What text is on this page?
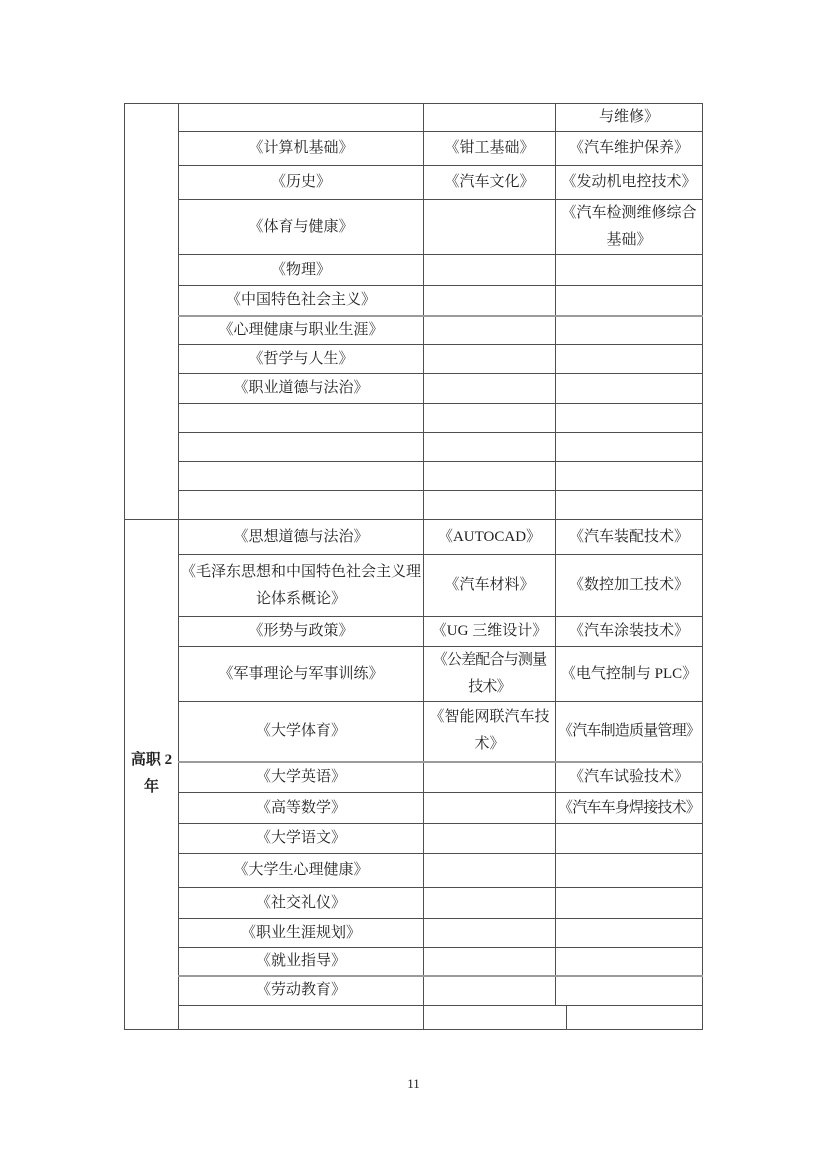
			与维修》
	《计算机基础》	《钳工基础》	《汽车维护保养》
	《历史》	《汽车文化》	《发动机电控技术》
	《体育与健康》		《汽车检测维修综合基础》
	《物理》		
	《中国特色社会主义》		
	《心理健康与职业生涯》		
	《哲学与人生》		
	《职业道德与法治》		

高职 2年	《思想道德与法治》	《AUTOCAD》	《汽车装配技术》
	《毛泽东思想和中国特色社会主义理论体系概论》	《汽车材料》	《数控加工技术》
	《形势与政策》	《UG 三维设计》	《汽车涂装技术》
	《军事理论与军事训练》	《公差配合与测量技术》	《电气控制与 PLC》
	《大学体育》	《智能网联汽车技术》	《汽车制造质量管理》
	《大学英语》		《汽车试验技术》
	《高等数学》		《汽车车身焊接技术》
	《大学语文》		
	《大学生心理健康》		
	《社交礼仪》		
	《职业生涯规划》		
	《就业指导》		
	《劳动教育》		

11
